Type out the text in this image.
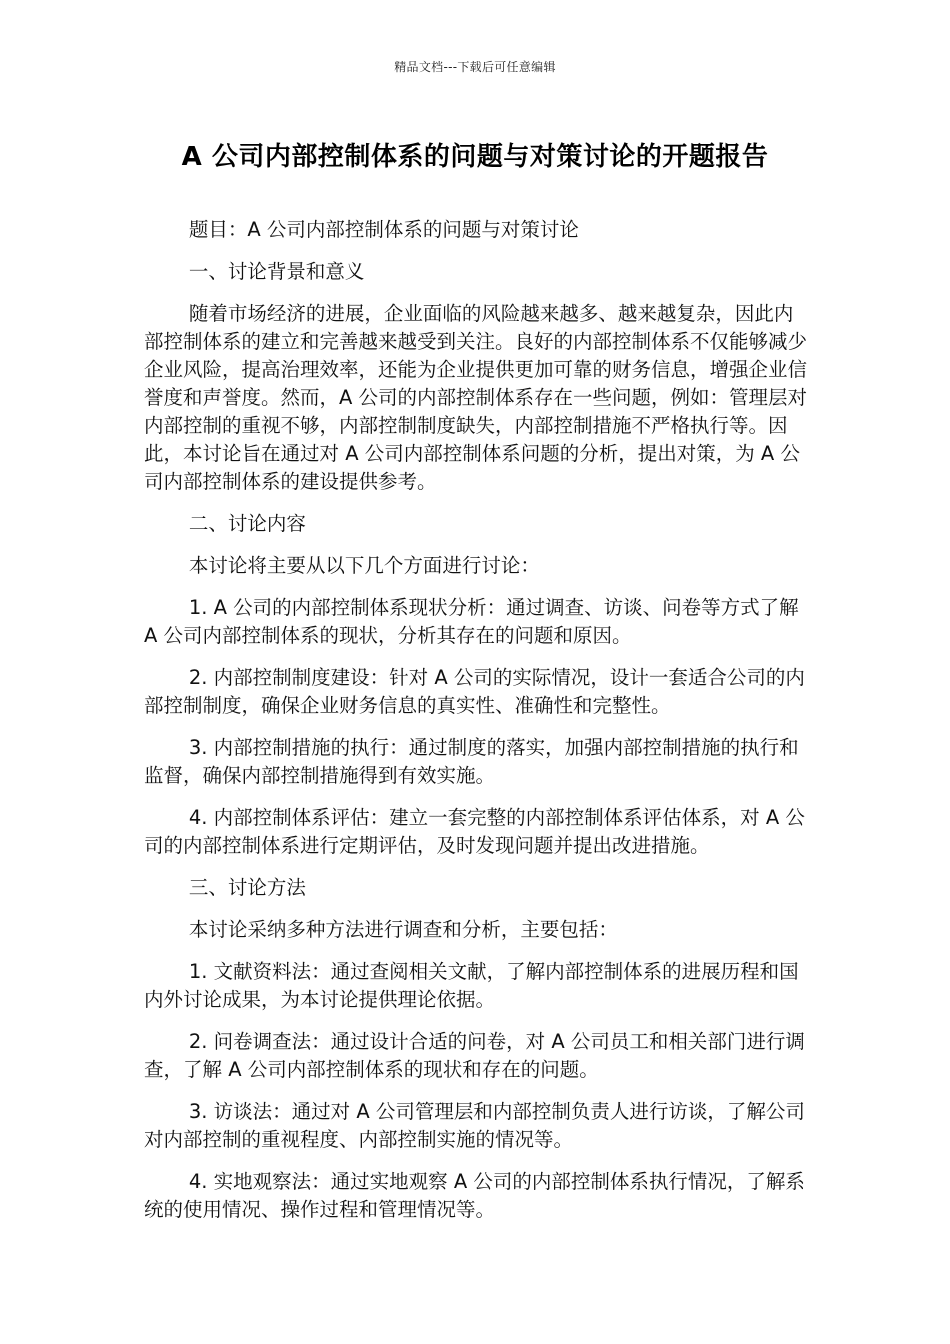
精品文档---下载后可任意编辑
A 公司内部控制体系的问题与对策讨论的开题报告

题目：A 公司内部控制体系的问题与对策讨论

一、讨论背景和意义

随着市场经济的进展，企业面临的风险越来越多、越来越复杂，因此内部控制体系的建立和完善越来越受到关注。良好的内部控制体系不仅能够减少企业风险，提高治理效率，还能为企业提供更加可靠的财务信息，增强企业信誉度和声誉度。然而，A 公司的内部控制体系存在一些问题，例如：管理层对内部控制的重视不够，内部控制制度缺失，内部控制措施不严格执行等。因此，本讨论旨在通过对 A 公司内部控制体系问题的分析，提出对策，为 A 公司内部控制体系的建设提供参考。

二、讨论内容

本讨论将主要从以下几个方面进行讨论：

1. A 公司的内部控制体系现状分析：通过调查、访谈、问卷等方式了解 A 公司内部控制体系的现状，分析其存在的问题和原因。

2. 内部控制制度建设：针对 A 公司的实际情况，设计一套适合公司的内部控制制度，确保企业财务信息的真实性、准确性和完整性。

3. 内部控制措施的执行：通过制度的落实，加强内部控制措施的执行和监督，确保内部控制措施得到有效实施。

4. 内部控制体系评估：建立一套完整的内部控制体系评估体系，对 A 公司的内部控制体系进行定期评估，及时发现问题并提出改进措施。

三、讨论方法

本讨论采纳多种方法进行调查和分析，主要包括：

1. 文献资料法：通过查阅相关文献，了解内部控制体系的进展历程和国内外讨论成果，为本讨论提供理论依据。

2. 问卷调查法：通过设计合适的问卷，对 A 公司员工和相关部门进行调查，了解 A 公司内部控制体系的现状和存在的问题。

3. 访谈法：通过对 A 公司管理层和内部控制负责人进行访谈，了解公司对内部控制的重视程度、内部控制实施的情况等。

4. 实地观察法：通过实地观察 A 公司的内部控制体系执行情况，了解系统的使用情况、操作过程和管理情况等。
